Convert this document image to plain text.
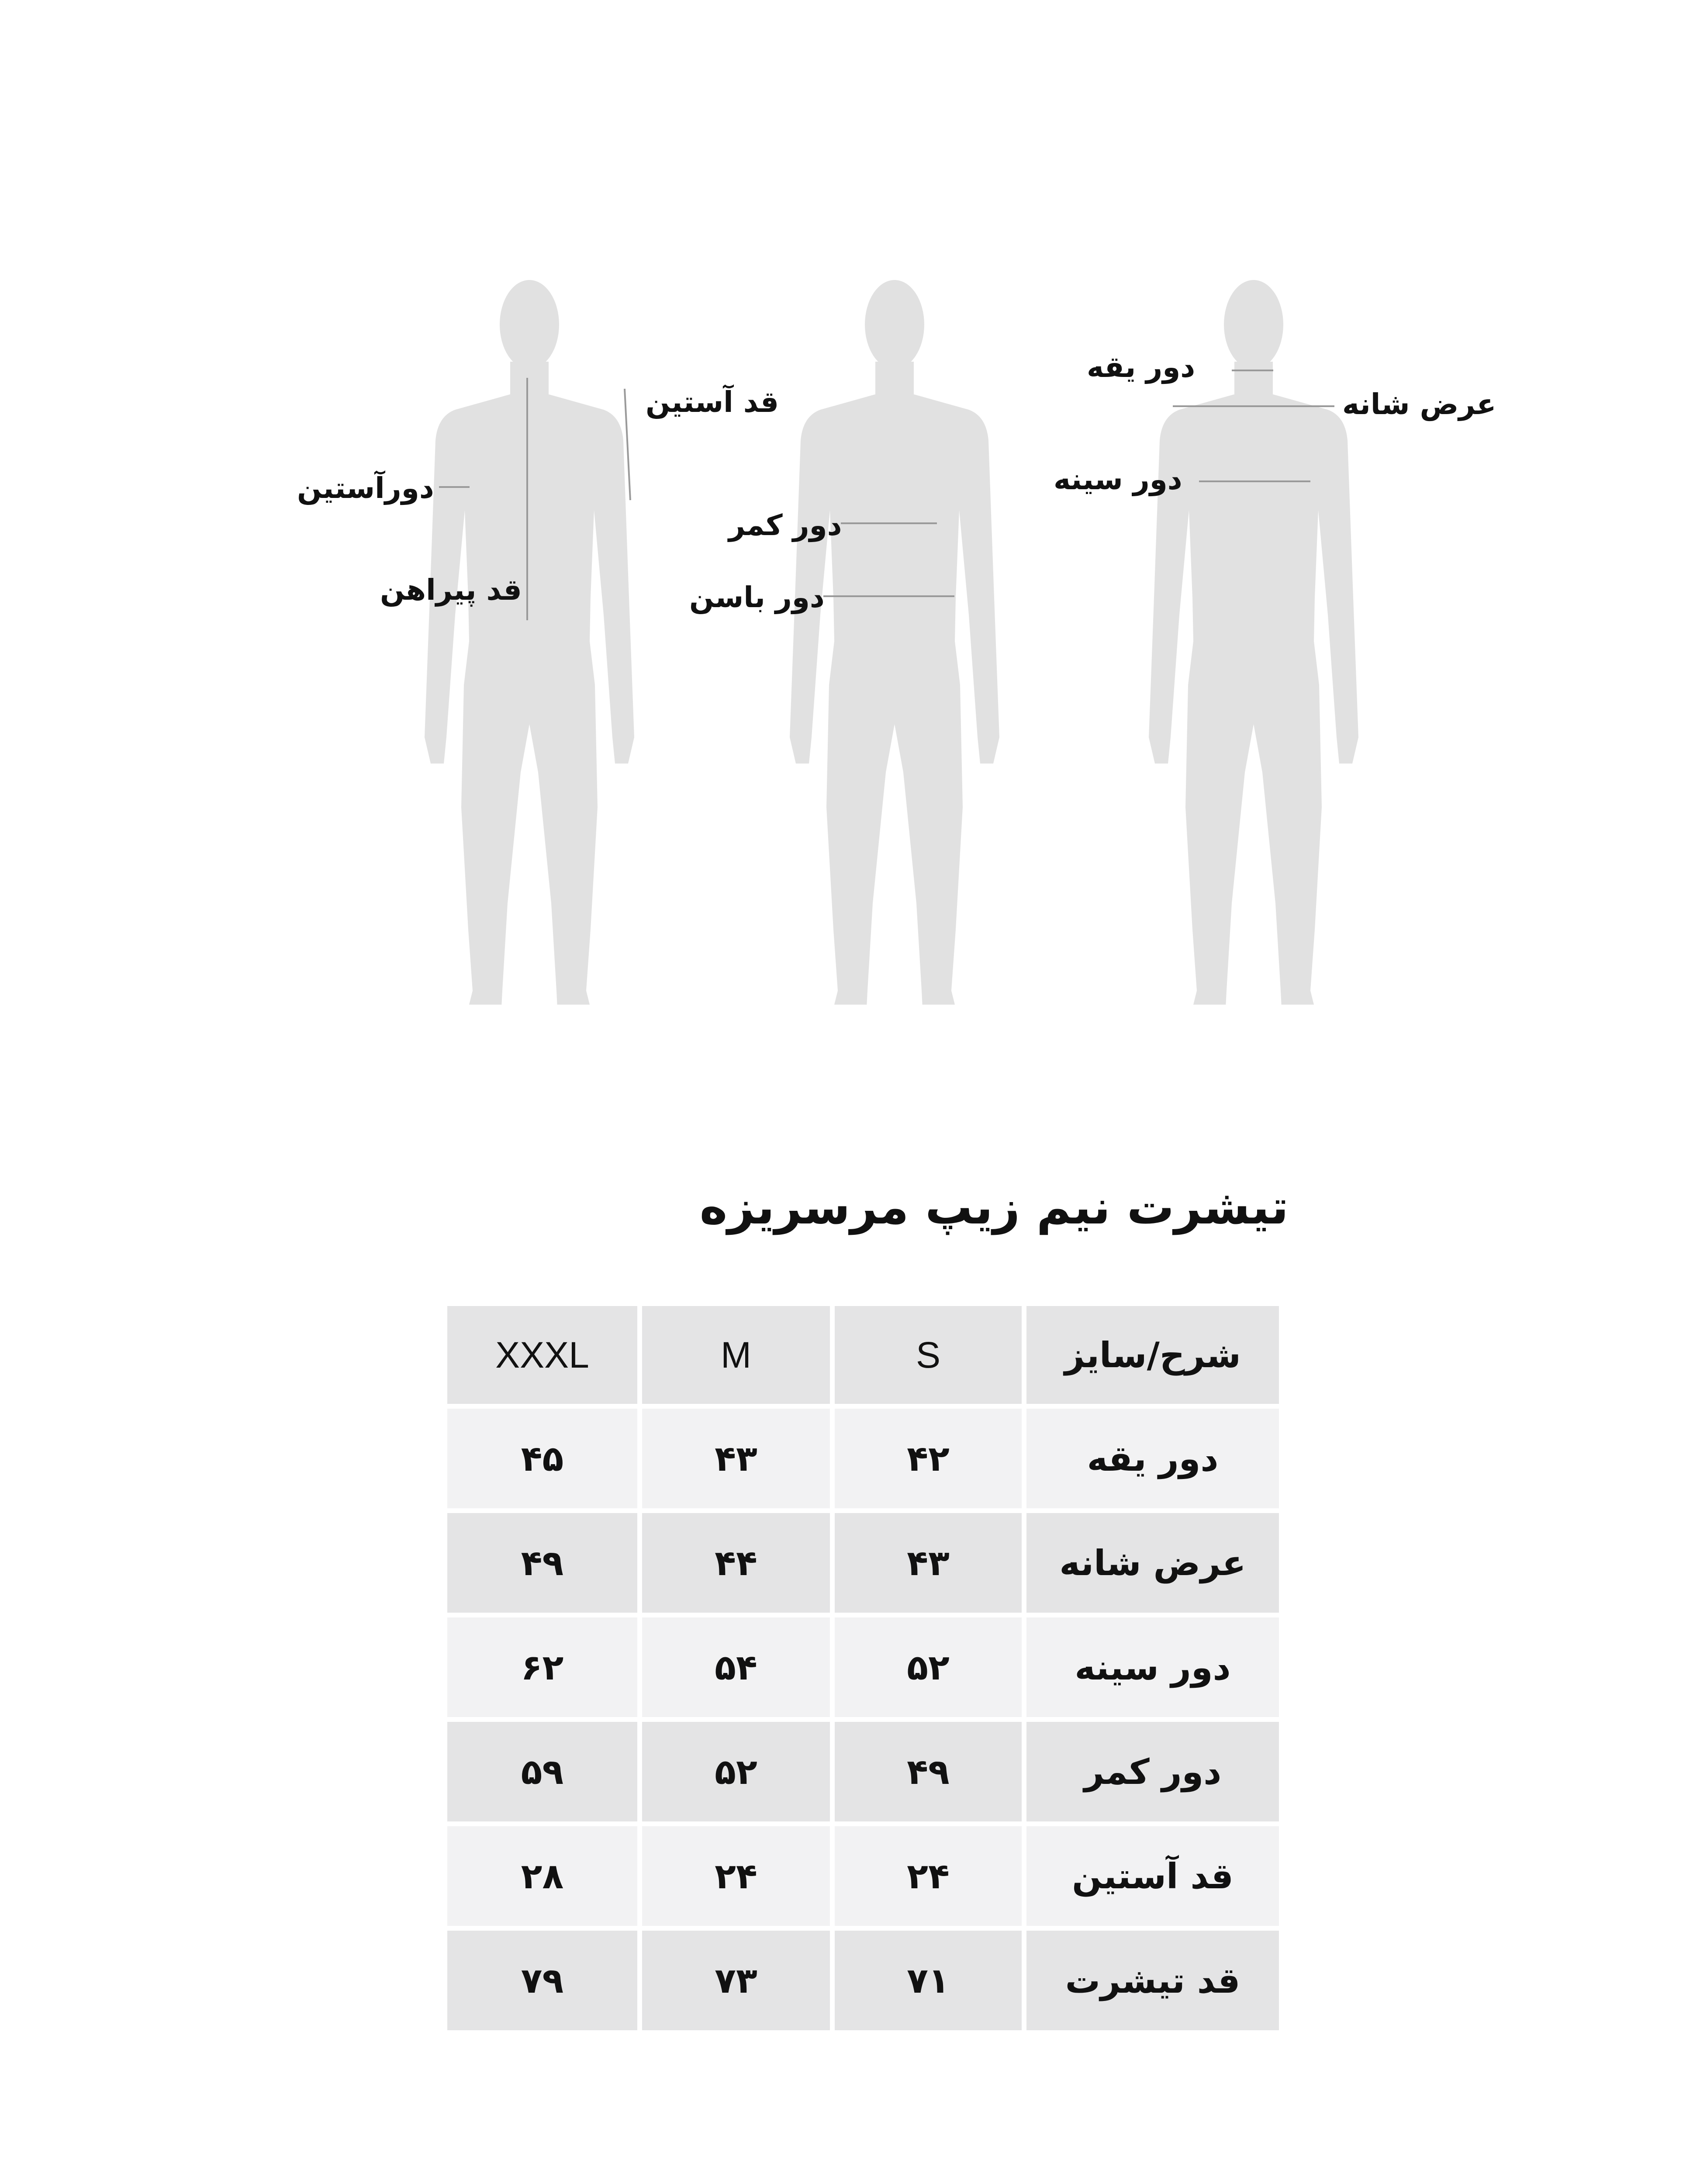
قد آستین
دورآستین
قد پیراهن
دور کمر
دور باسن
دور یقه
عرض شانه
دور سینه
تیشرت نیم زیپ مرسریزه
شرح/سایز	S	M	XXXL
دور یقه	۴۲	۴۳	۴۵
عرض شانه	۴۳	۴۴	۴۹
دور سینه	۵۲	۵۴	۶۲
دور کمر	۴۹	۵۲	۵۹
قد آستین	۲۴	۲۴	۲۸
قد تیشرت	۷۱	۷۳	۷۹
